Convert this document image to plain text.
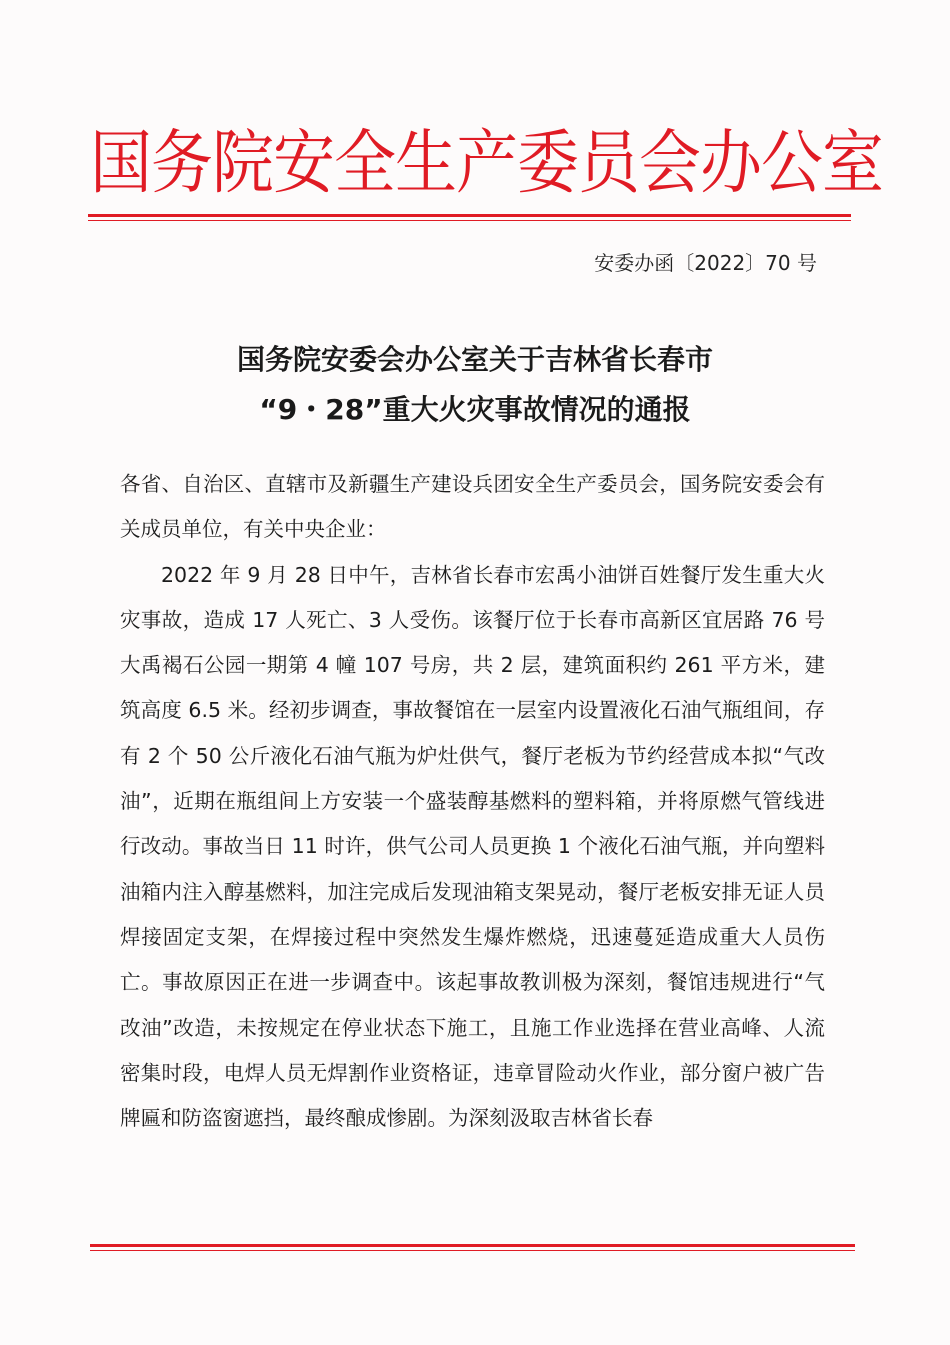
国务院安全生产委员会办公室
安委办函〔2022〕70 号
国务院安委会办公室关于吉林省长春市
“9・28”重大火灾事故情况的通报

各省、自治区、直辖市及新疆生产建设兵团安全生产委员会，国务院安委会有关成员单位，有关中央企业：

2022 年 9 月 28 日中午，吉林省长春市宏禹小油饼百姓餐厅发生重大火灾事故，造成 17 人死亡、3 人受伤。该餐厅位于长春市高新区宜居路 76 号大禹褐石公园一期第 4 幢 107 号房，共 2 层，建筑面积约 261 平方米，建筑高度 6.5 米。经初步调查，事故餐馆在一层室内设置液化石油气瓶组间，存有 2 个 50 公斤液化石油气瓶为炉灶供气，餐厅老板为节约经营成本拟“气改油”，近期在瓶组间上方安装一个盛装醇基燃料的塑料箱，并将原燃气管线进行改动。事故当日 11 时许，供气公司人员更换 1 个液化石油气瓶，并向塑料油箱内注入醇基燃料，加注完成后发现油箱支架晃动，餐厅老板安排无证人员焊接固定支架，在焊接过程中突然发生爆炸燃烧，迅速蔓延造成重大人员伤亡。事故原因正在进一步调查中。该起事故教训极为深刻，餐馆违规进行“气改油”改造，未按规定在停业状态下施工，且施工作业选择在营业高峰、人流密集时段，电焊人员无焊割作业资格证，违章冒险动火作业，部分窗户被广告牌匾和防盗窗遮挡，最终酿成惨剧。为深刻汲取吉林省长春
